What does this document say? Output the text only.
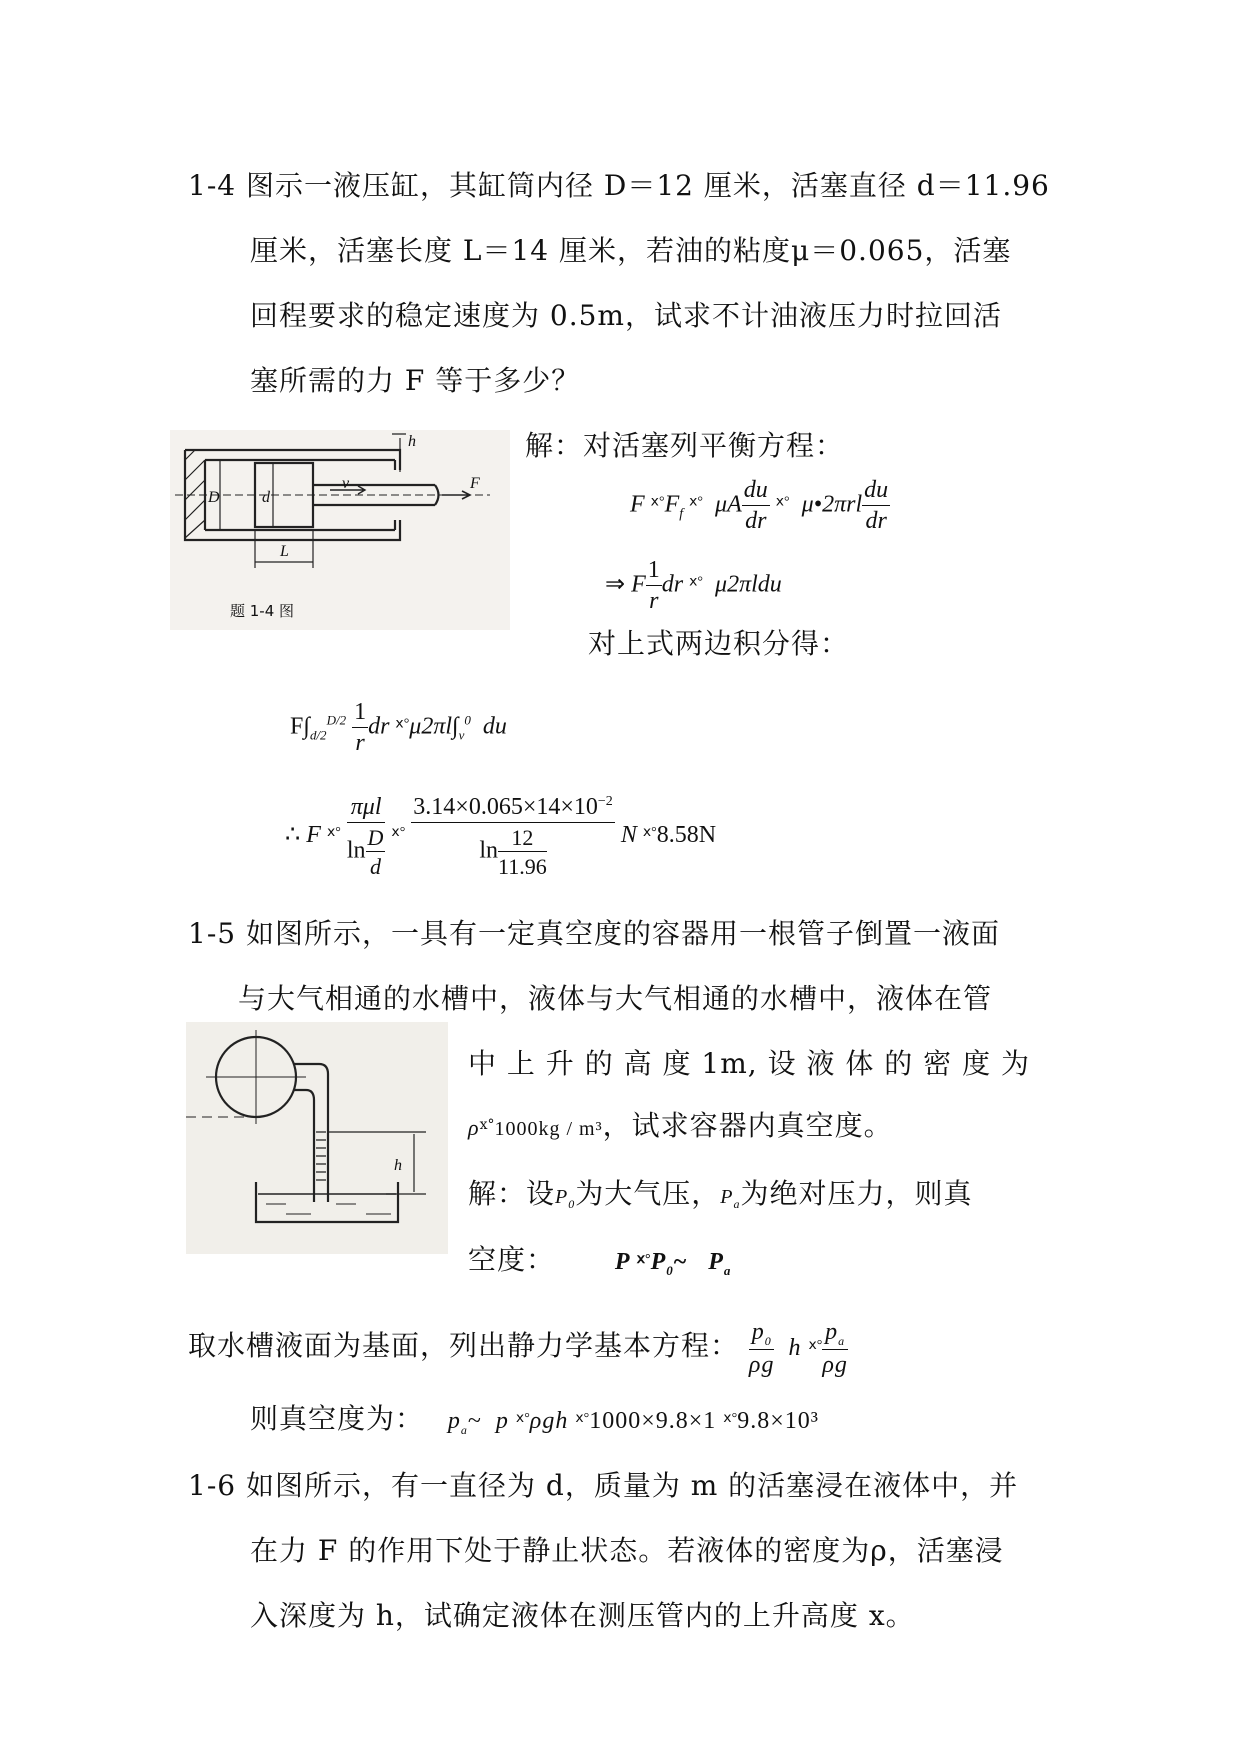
1-4 图示一液压缸，其缸筒内径 D＝12 厘米，活塞直径 d＝11.96
厘米，活塞长度 L＝14 厘米，若油的粘度μ＝0.065，活塞
回程要求的稳定速度为 0.5m，试求不计油液压力时拉回活
塞所需的力 F 等于多少？
h
D	d
v	F
L
题 1-4 图
解：对活塞列平衡方程：
F $^{ⅹ^\circ}F_f$ $^{ⅹ^\circ}$  μA $\frac{du}{dr} ^{ⅹ^\circ}$  μ•2πrl $\frac{du}{dr}$
⇒ F $\frac{1}{r}$ dr $^{ⅹ^\circ}$  μ2πldu
对上式两边积分得：
$F\int_{d/2}^{D/2} \frac{1}{r}$ dr $^{ⅹ^\circ}\mu 2\pi l\int_v^0$  du
∴ F $^{ⅹ^\circ} \frac{\text{πμl}}{\ln \frac{D}{d}} ^{ⅹ^\circ} \frac{3.14\times 0.065\times 14\times 10^{-2}}{\ln \frac{12}{11.96}}$ N $^{ⅹ^\circ}$8.58N
1-5 如图所示，一具有一定真空度的容器用一根管子倒置一液面
与大气相通的水槽中，液体与大气相通的水槽中，液体在管
h
中 上 升 的 高 度 1m, 设 液 体 的 密 度 为
$\rho^{ⅹ^\circ}1000kg / m^3$，试求容器内真空度。
解：设$P_0$为大气压，$P_a$为绝对压力，则真
空度： P $^{ⅹ^\circ}P_0\sim$   $P_a$
取水槽液面为基面，列出静力学基本方程： $\frac{p_0}{\rho g}$ h $^{ⅹ^\circ} \frac{p_a}{\rho g}$
则真空度为： $p_a\sim$  p $^{ⅹ^\circ}$ρgh $^{ⅹ^\circ}$1000×9.8×1 $^{ⅹ^\circ}$9.8×10³
1-6 如图所示，有一直径为 d，质量为 m 的活塞浸在液体中，并
在力 F 的作用下处于静止状态。若液体的密度为ρ，活塞浸
入深度为 h，试确定液体在测压管内的上升高度 x。
